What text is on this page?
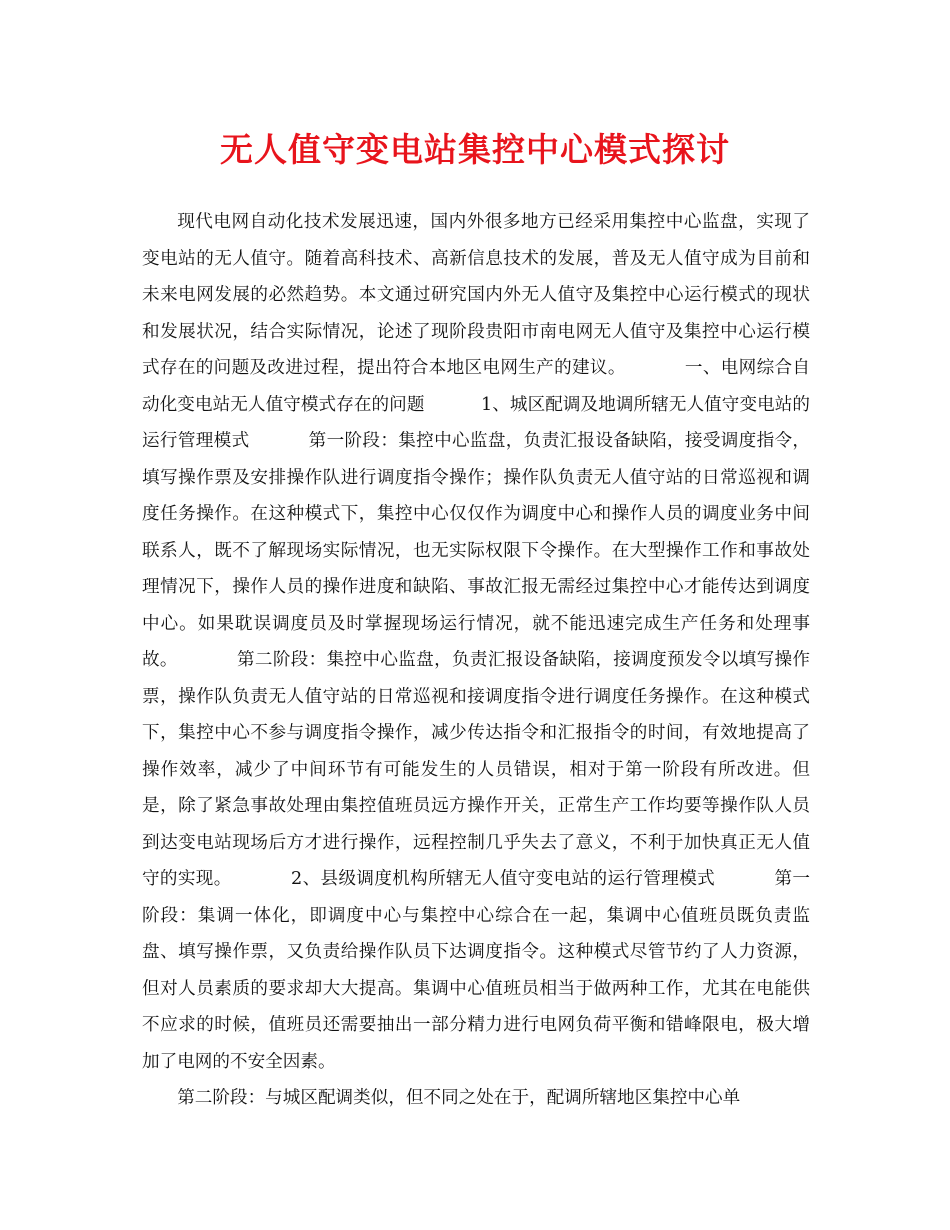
无人值守变电站集控中心模式探讨

现代电网自动化技术发展迅速，国内外很多地方已经采用集控中心监盘，实现了变电站的无人值守。随着高科技术、高新信息技术的发展，普及无人值守成为目前和未来电网发展的必然趋势。本文通过研究国内外无人值守及集控中心运行模式的现状和发展状况，结合实际情况，论述了现阶段贵阳市南电网无人值守及集控中心运行模式存在的问题及改进过程，提出符合本地区电网生产的建议。          一、电网综合自动化变电站无人值守模式存在的问题          1、城区配调及地调所辖无人值守变电站的运行管理模式          第一阶段：集控中心监盘，负责汇报设备缺陷，接受调度指令，填写操作票及安排操作队进行调度指令操作；操作队负责无人值守站的日常巡视和调度任务操作。在这种模式下，集控中心仅仅作为调度中心和操作人员的调度业务中间联系人，既不了解现场实际情况，也无实际权限下令操作。在大型操作工作和事故处理情况下，操作人员的操作进度和缺陷、事故汇报无需经过集控中心才能传达到调度中心。如果耽误调度员及时掌握现场运行情况，就不能迅速完成生产任务和处理事故。          第二阶段：集控中心监盘，负责汇报设备缺陷，接调度预发令以填写操作票，操作队负责无人值守站的日常巡视和接调度指令进行调度任务操作。在这种模式下，集控中心不参与调度指令操作，减少传达指令和汇报指令的时间，有效地提高了操作效率，减少了中间环节有可能发生的人员错误，相对于第一阶段有所改进。但是，除了紧急事故处理由集控值班员远方操作开关，正常生产工作均要等操作队人员到达变电站现场后方才进行操作，远程控制几乎失去了意义，不利于加快真正无人值守的实现。          2、县级调度机构所辖无人值守变电站的运行管理模式          第一阶段：集调一体化，即调度中心与集控中心综合在一起，集调中心值班员既负责监盘、填写操作票，又负责给操作队员下达调度指令。这种模式尽管节约了人力资源，但对人员素质的要求却大大提高。集调中心值班员相当于做两种工作，尤其在电能供不应求的时候，值班员还需要抽出一部分精力进行电网负荷平衡和错峰限电，极大增加了电网的不安全因素。

第二阶段：与城区配调类似，但不同之处在于，配调所辖地区集控中心单
